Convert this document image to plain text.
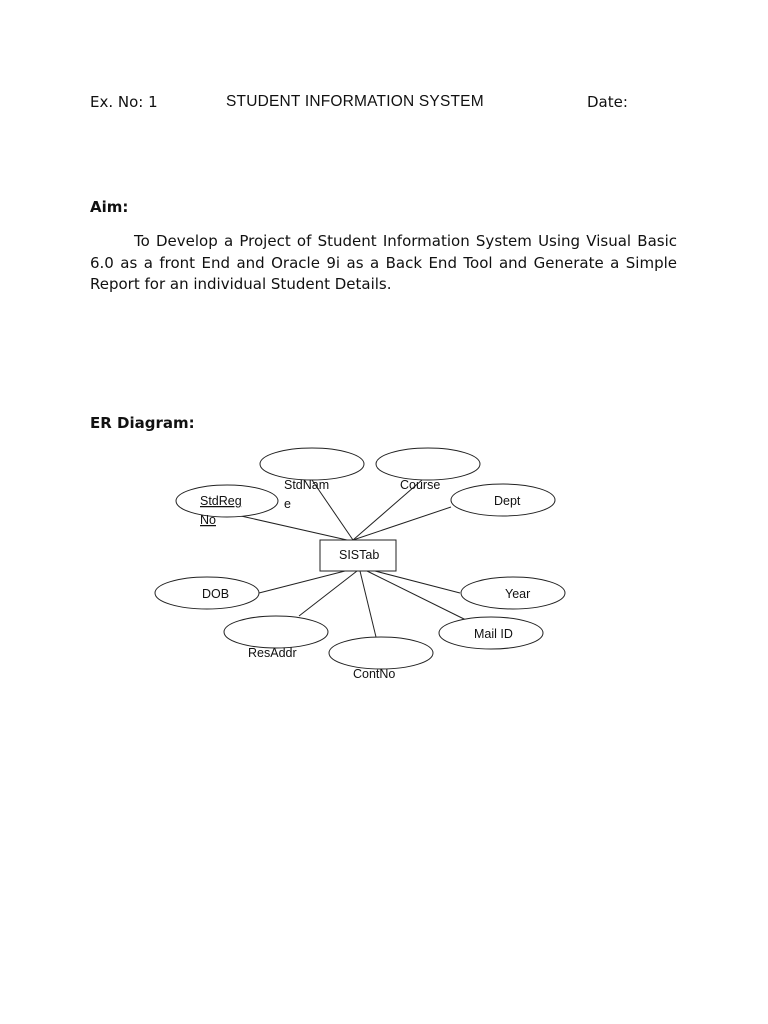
Ex. No: 1	STUDENT INFORMATION SYSTEM	Date:
Aim:
To Develop a Project of Student Information System Using Visual Basic 6.0 as a front End and Oracle 9i as a Back End Tool and Generate a Simple Report for an individual Student Details.
ER Diagram:
SISTab
StdReg
No
StdNam
e
Course
Dept
DOB	Year
ResAddr
Mail ID
ContNo
